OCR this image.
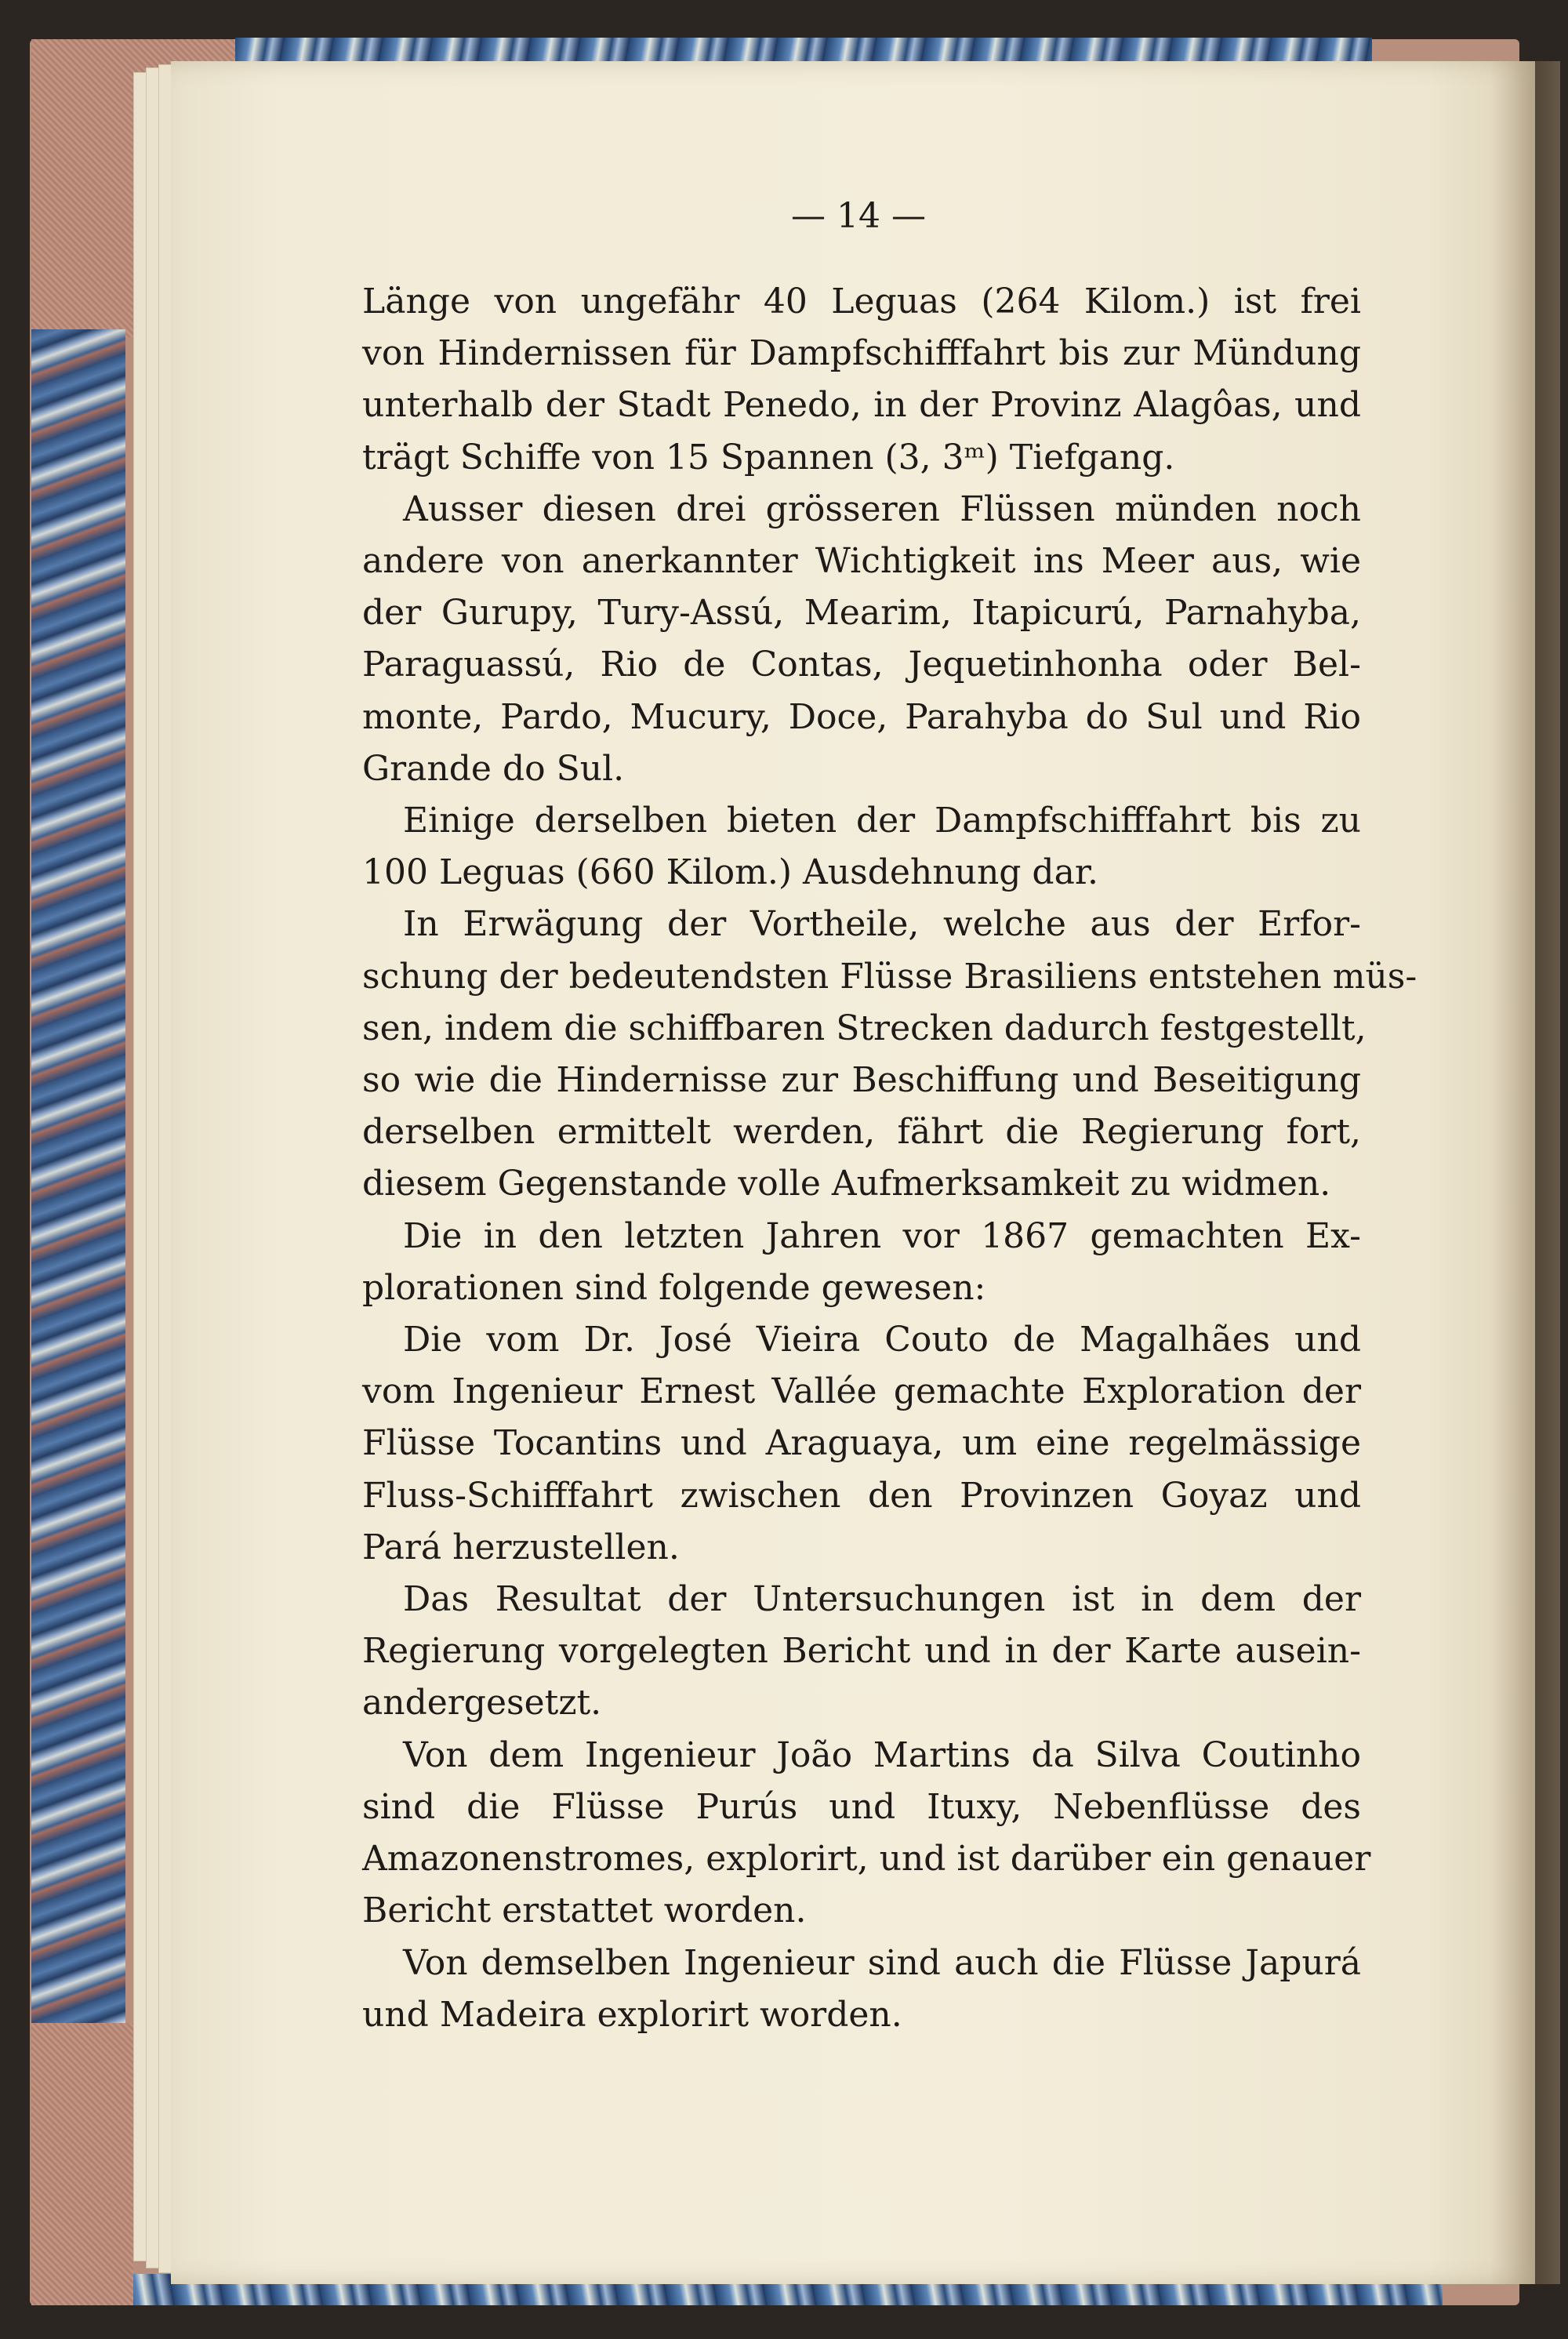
— 14 —
Länge von ungefähr 40 Leguas (264 Kilom.) ist frei
von Hindernissen für Dampfschifffahrt bis zur Mündung
unterhalb der Stadt Penedo, in der Provinz Alagôas, und
trägt Schiffe von 15 Spannen (3, 3ᵐ) Tiefgang.
Ausser diesen drei grösseren Flüssen münden noch
andere von anerkannter Wichtigkeit ins Meer aus, wie
der Gurupy, Tury-Assú, Mearim, Itapicurú, Parnahyba,
Paraguassú, Rio de Contas, Jequetinhonha oder Bel-
monte, Pardo, Mucury, Doce, Parahyba do Sul und Rio
Grande do Sul.
Einige derselben bieten der Dampfschifffahrt bis zu
100 Leguas (660 Kilom.) Ausdehnung dar.
In Erwägung der Vortheile, welche aus der Erfor-
schung der bedeutendsten Flüsse Brasiliens entstehen müs-
sen, indem die schiffbaren Strecken dadurch festgestellt,
so wie die Hindernisse zur Beschiffung und Beseitigung
derselben ermittelt werden, fährt die Regierung fort,
diesem Gegenstande volle Aufmerksamkeit zu widmen.
Die in den letzten Jahren vor 1867 gemachten Ex-
plorationen sind folgende gewesen:
Die vom Dr. José Vieira Couto de Magalhães und
vom Ingenieur Ernest Vallée gemachte Exploration der
Flüsse Tocantins und Araguaya, um eine regelmässige
Fluss-Schifffahrt zwischen den Provinzen Goyaz und
Pará herzustellen.
Das Resultat der Untersuchungen ist in dem der
Regierung vorgelegten Bericht und in der Karte ausein-
andergesetzt.
Von dem Ingenieur João Martins da Silva Coutinho
sind die Flüsse Purús und Ituxy, Nebenflüsse des
Amazonenstromes, explorirt, und ist darüber ein genauer
Bericht erstattet worden.
Von demselben Ingenieur sind auch die Flüsse Japurá
und Madeira explorirt worden.
